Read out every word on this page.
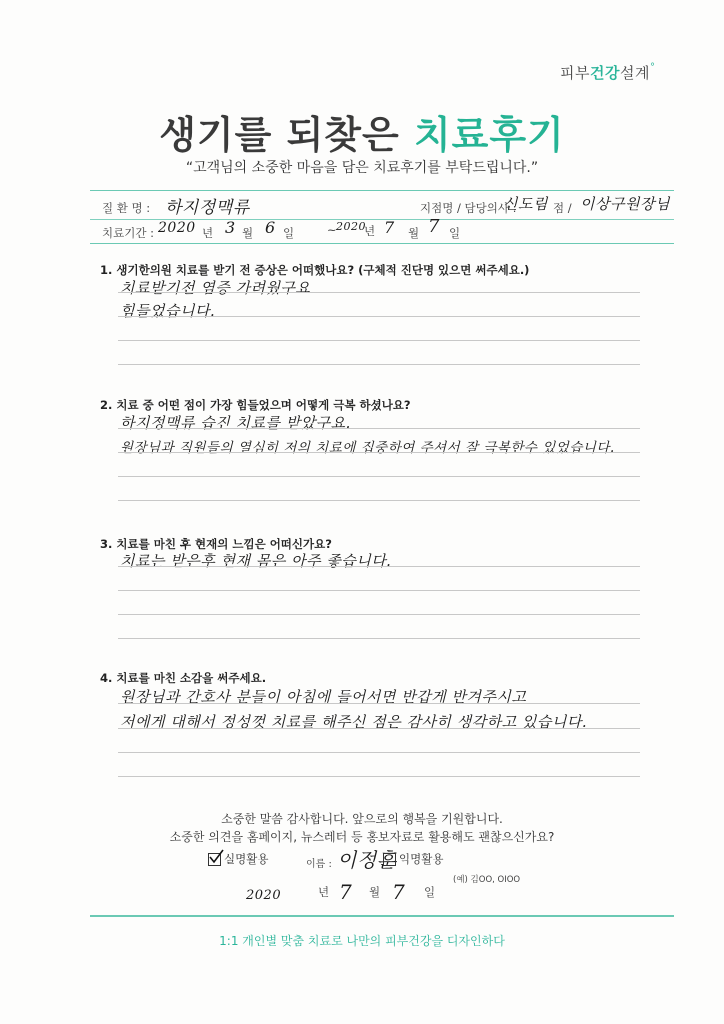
피부건강설계°
생기를 되찾은 치료후기
“고객님의 소중한 마음을 담은 치료후기를 부탁드립니다.”
질 환 명 : 하지정맥류	지점명 / 담당의사 :
신도림 점 / 이상구원장님
치료기간 : 2020 년 3 월 6 일	~ 2020
년 7 월 7 일
1. 생기한의원 치료를 받기 전 증상은 어떠했나요? (구체적 진단명 있으면 써주세요.)
치료받기전 염증 가려웠구요
힘들었습니다.
2. 치료 중 어떤 점이 가장 힘들었으며 어떻게 극복 하셨나요?
하지정맥류 습진 치료를 받았구요.
원장님과 직원들의 열심히 저의 치료에 집중하여 주셔서 잘 극복한수 있었습니다.
3. 치료를 마친 후 현재의 느낌은 어떠신가요?
치료는 받은후 현재 몸은 아주 좋습니다.
4. 치료를 마친 소감을 써주세요.
원장님과 간호사 분들이 아침에 들어서면 반갑게 반겨주시고
저에게 대해서 정성껏 치료를 해주신 점은 감사히 생각하고 있습니다.
소중한 말씀 감사합니다. 앞으로의 행복을 기원합니다.
소중한 의견을 홈페이지, 뉴스레터 등 홍보자료로 활용해도 괜찮으신가요?
실명활용	이름 : 이정훈 익명활용
(예) 김OO, OIOO
2020	년 7 월 7 일
1:1 개인별 맞춤 치료로 나만의 피부건강을 디자인하다
